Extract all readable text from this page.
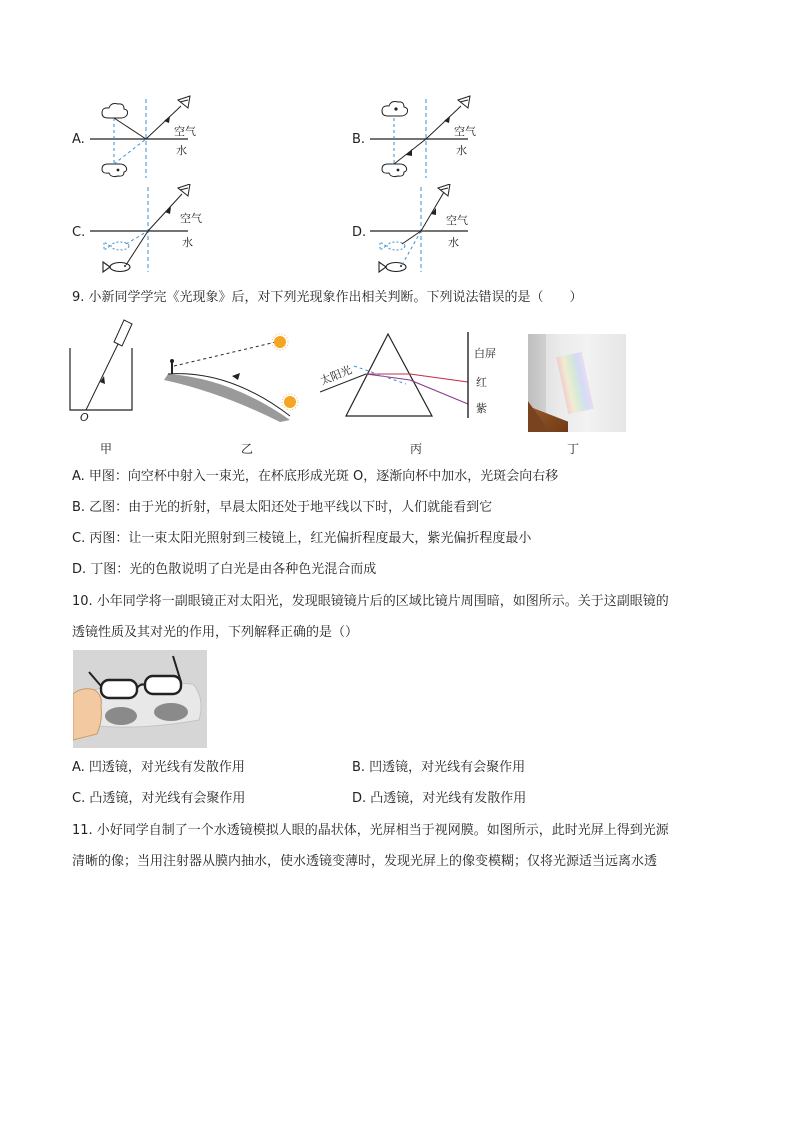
A.
空气
水
B.
空气
水
C.
空气
水
D.
空气
水
9. 小新同学学完《光现象》后，对下列光现象作出相关判断。下列说法错误的是（　　）
O
白屏
红
紫
太阳光
甲	乙	丙	丁
A. 甲图：向空杯中射入一束光，在杯底形成光斑 O，逐渐向杯中加水，光斑会向右移
B. 乙图：由于光的折射，早晨太阳还处于地平线以下时，人们就能看到它
C. 丙图：让一束太阳光照射到三棱镜上，红光偏折程度最大，紫光偏折程度最小
D. 丁图：光的色散说明了白光是由各种色光混合而成
10. 小年同学将一副眼镜正对太阳光，发现眼镜镜片后的区域比镜片周围暗，如图所示。关于这副眼镜的
透镜性质及其对光的作用，下列解释正确的是（）
A. 凹透镜，对光线有发散作用	B. 凹透镜，对光线有会聚作用
C. 凸透镜，对光线有会聚作用	D. 凸透镜，对光线有发散作用
11. 小好同学自制了一个水透镜模拟人眼的晶状体，光屏相当于视网膜。如图所示，此时光屏上得到光源
清晰的像；当用注射器从膜内抽水，使水透镜变薄时，发现光屏上的像变模糊；仅将光源适当远离水透
